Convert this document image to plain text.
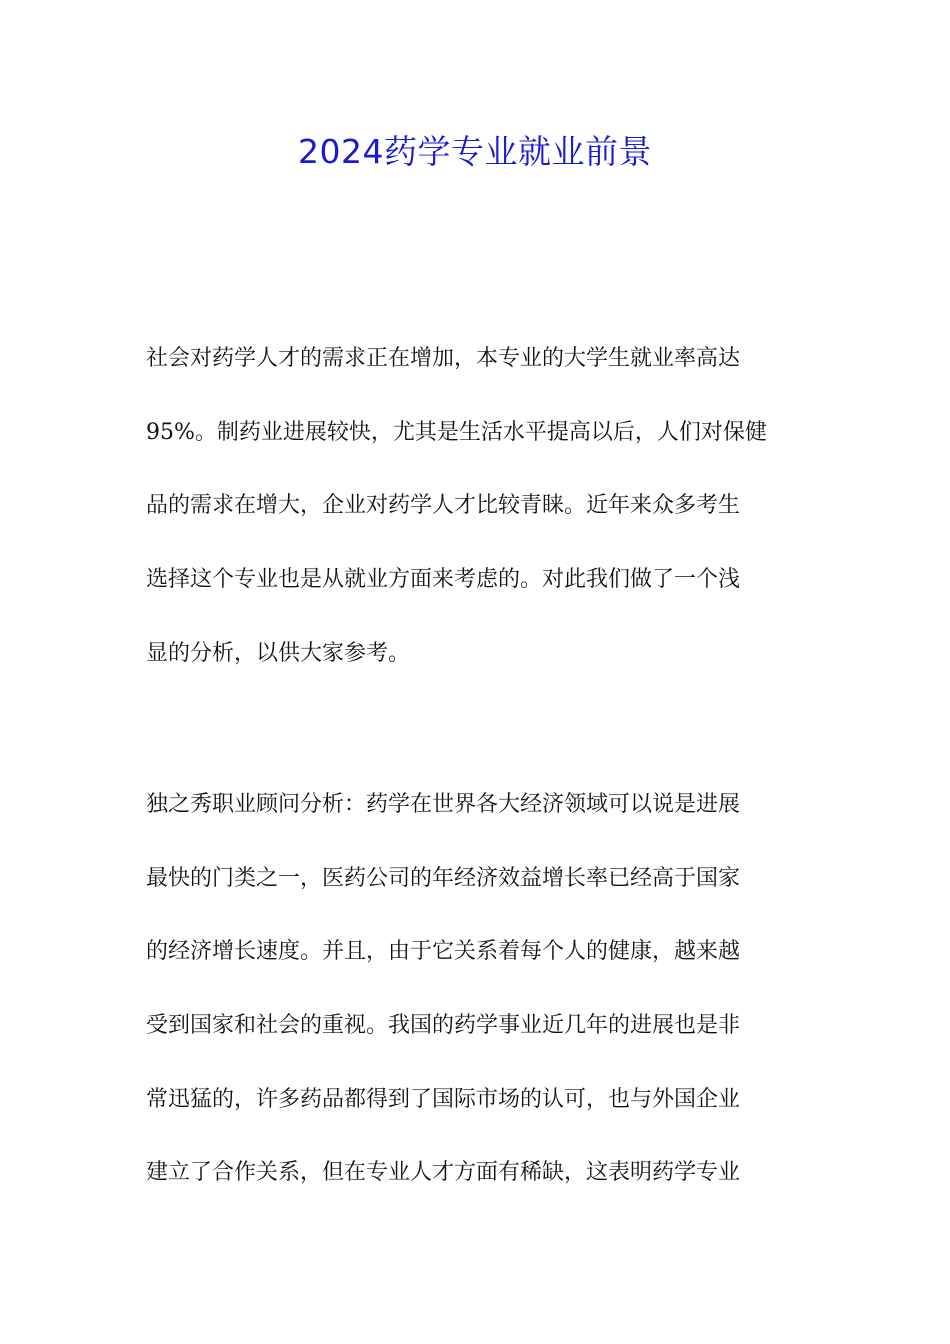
2024药学专业就业前景
社会对药学人才的需求正在增加，本专业的大学生就业率高达
95%。制药业进展较快，尤其是生活水平提高以后，人们对保健
品的需求在增大，企业对药学人才比较青睐。近年来众多考生
选择这个专业也是从就业方面来考虑的。对此我们做了一个浅
显的分析，以供大家参考。
独之秀职业顾问分析：药学在世界各大经济领域可以说是进展
最快的门类之一，医药公司的年经济效益增长率已经高于国家
的经济增长速度。并且，由于它关系着每个人的健康，越来越
受到国家和社会的重视。我国的药学事业近几年的进展也是非
常迅猛的，许多药品都得到了国际市场的认可，也与外国企业
建立了合作关系，但在专业人才方面有稀缺，这表明药学专业
